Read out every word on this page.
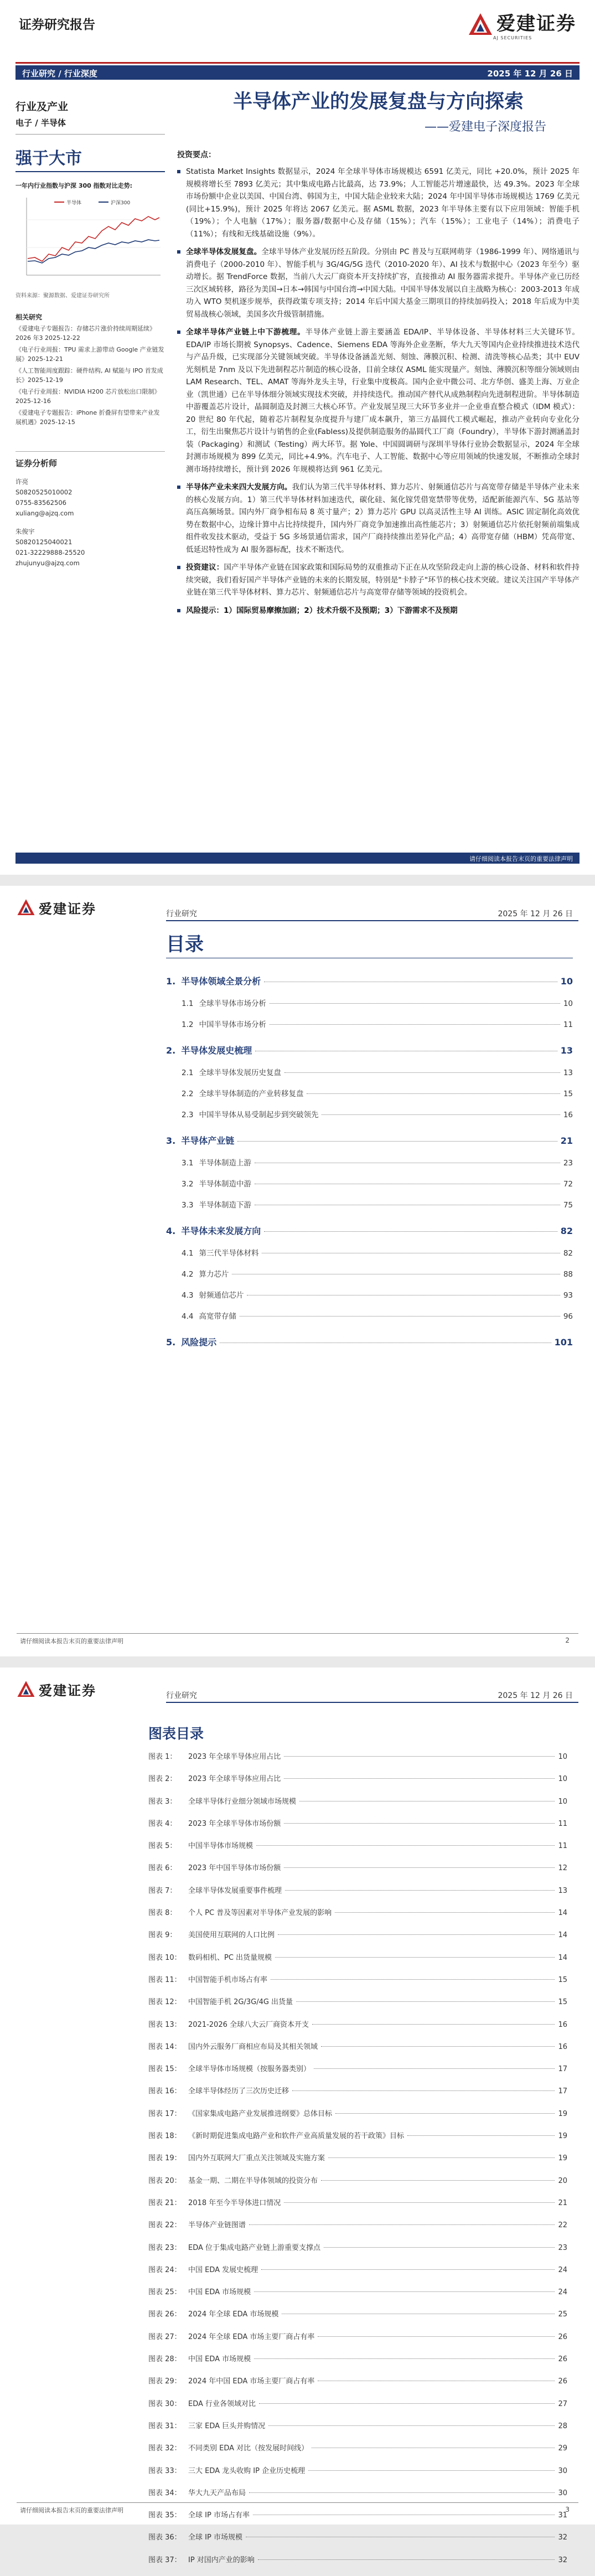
证券研究报告	爱建证券
AJ SECURITIES
行业研究 / 行业深度	2025 年 12 月 26 日
行业及产业
电子 / 半导体
强于大市
一年内行业指数与沪深 300 指数对比走势:
半导体	沪深300
资料来源：聚源数据、爱建证券研究所
相关研究
《爱建电子专题报告：存储芯片涨价持续周期延续》2026 年3 2025-12-22
《电子行业周报：TPU 需求上游带动 Google 产业链发展》2025-12-21
《人工智能周度跟踪：硬件结构, AI 赋能与 IPO 首发成长》2025-12-19
《电子行业周报：NVIDIA H200 芯片放松出口限制》2025-12-16
《爱建电子专题报告：iPhone 折叠屏有望带来产业发展机遇》2025-12-15
证券分析师
许亮
S0820525010002
0755-83562506
xuliang@ajzq.com
朱俊宇
S0820125040021
021-32229888-25520
zhujunyu@ajzq.com
半导体产业的发展复盘与方向探索
——爱建电子深度报告
投资要点：
Statista Market Insights 数据显示，2024 年全球半导体市场规模达 6591 亿美元，同比 +20.0%，预计 2025 年规模将增长至 7893 亿美元；其中集成电路占比最高，达 73.9%；人工智能芯片增速最快，达 49.3%。2023 年全球市场份额中企业以美国、中国台湾、韩国为主，中国大陆企业较来大陆；2024 年中国半导体市场规模达 1769 亿美元(同比+15.9%)，预计 2025 年将达 2067 亿美元。据 ASML 数据，2023 年半导体主要有以下应用领域：智能手机（19%）；个人电脑（17%）；服务器/数据中心及存储（15%）；汽车（15%）；工业电子（14%）；消费电子（11%）；有线和无线基础设施（9%）。
全球半导体发展复盘。全球半导体产业发展历经五阶段。分别由 PC 普及与互联网萌芽（1986-1999 年）、网络通讯与消费电子（2000-2010 年）、智能手机与 3G/4G/5G 迭代（2010-2020 年）、AI 技术与数据中心（2023 年至今）驱动增长。据 TrendForce 数据，当前八大云厂商资本开支持续扩容，直接推动 AI 服务器需求提升。半导体产业已历经三次区域转移，路径为美国→日本→韩国与中国台湾→中国大陆。中国半导体发展以自主战略为核心：2003-2013 年成功入 WTO 契机逐步规举，获得政策专项支持；2014 年后中国大基金三期项目的持续加码投入；2018 年后成为中美贸易战核心领域，美国多次升级管制措施。
全球半导体产业链上中下游梳理。半导体产业链上游主要涵盖 EDA/IP、半导体设备、半导体材料三大关键环节。EDA/IP 市场长期被 Synopsys、Cadence、Siemens EDA 等海外企业垄断，华大九天等国内企业持续推进技术迭代与产品升级，已实现部分关键领域突破。半导体设备涵盖光刻、刻蚀、薄膜沉积、检测、清洗等核心品类；其中 EUV 光刻机是 7nm 及以下先进制程芯片制造的核心设备，目前全球仅 ASML 能实现量产。刻蚀、薄膜沉积等细分领域则由 LAM Research、TEL、AMAT 等海外龙头主导，行业集中度极高。国内企业中微公司、北方华创、盛美上海、万业企业（凯世通）已在半导体细分领域实现技术突破，并持续迭代。推动国产替代从成熟制程向先进制程进阶。半导体制造中游覆盖芯片设计，晶圆制造及封测三大核心环节。产业发展呈现三大环节多业并一企业垂直整合模式（IDM 模式）：20 世纪 80 年代起，随着芯片制程复杂度提升与建厂成本飙升，第三方晶圆代工模式崛起，推动产业转向专业化分工，衍生出聚焦芯片设计与销售的企业(Fabless)及提供制造服务的晶圆代工厂商（Foundry），半导体下游封测涵盖封装（Packaging）和测试（Testing）两大环节。据 Yole、中国圆调研与深圳半导体行业协会数据显示，2024 年全球封测市场规模为 899 亿美元，同比+4.9%。汽车电子、人工智能、数据中心等应用领域的快速发展，不断推动全球封测市场持续增长，预计到 2026 年规模将达到 961 亿美元。
半导体产业未来四大发展方向。我们认为第三代半导体材料、算力芯片、射频通信芯片与高宽带存储是半导体产业未来的核心发展方向。1）第三代半导体材料加速迭代，碳化硅、氮化镓凭借宽禁带等优势，适配新能源汽车、5G 基站等高压高频场景。国内外厂商争相布局 8 英寸量产；2）算力芯片 GPU 以高灵活性主导 AI 训练。ASIC 固定制化高效优势在数据中心，边缘计算中占比持续提升，国内外厂商竞争加速推出高性能芯片；3）射频通信芯片依托射频前端集成组件收发技术驱动，受益于 5G 多场景通信需求，国产厂商持续推出差异化产品；4）高带宽存储（HBM）凭高带宽、低延迟特性成为 AI 服务器标配，技术不断迭代。
投资建议：国产半导体产业链在国家政策和国际局势的双重推动下正在从攻坚阶段走向上游的核心设备、材料和软件持续突破，我们看好国产半导体产业链的未来的长期发展，特别是"卡脖子"环节的核心技术突破。建议关注国产半导体产业链在第三代半导体材料、算力芯片、射频通信芯片与高宽带存储等领域的投资机会。
风险提示：1）国际贸易摩擦加剧；2）技术升级不及预期；3）下游需求不及预期
请仔细阅读本报告末页的重要法律声明
爱建证券	行业研究	2025 年 12 月 26 日
目录
1. 半导体领域全景分析	10
1.1 全球半导体市场分析	10
1.2 中国半导体市场分析	11
2. 半导体发展史梳理	13
2.1 全球半导体发展历史复盘	13
2.2 全球半导体制造的产业转移复盘	15
2.3 中国半导体从易受制起步到突破领先	16
3. 半导体产业链	21
3.1 半导体制造上游	23
3.2 半导体制造中游	72
3.3 半导体制造下游	75
4. 半导体未来发展方向	82
4.1 第三代半导体材料	82
4.2 算力芯片	88
4.3 射频通信芯片	93
4.4 高宽带存储	96
5. 风险提示	101
请仔细阅读本报告末页的重要法律声明	2
爱建证券	行业研究	2025 年 12 月 26 日
图表目录
图表 1：	2023 年全球半导体应用占比	10
图表 2：	2023 年全球半导体应用占比	10
图表 3：	全球半导体行业细分领域市场规模	10
图表 4：	2023 年全球半导体市场份额	11
图表 5：	中国半导体市场规模	11
图表 6：	2023 年中国半导体市场份额	12
图表 7：	全球半导体发展重要事件梳理	13
图表 8：	个人 PC 普及等因素对半导体产业发展的影响	14
图表 9：	美国使用互联网的人口比例	14
图表 10： 数码相机、PC 出货量规模	14
图表 11： 中国智能手机市场占有率	15
图表 12： 中国智能手机 2G/3G/4G 出货量	15
图表 13： 2021-2026 全球八大云厂商资本开支	16
图表 14： 国内外云服务厂商相应布局及其相关领域	16
图表 15： 全球半导体市场规模（按服务器类别）	17
图表 16： 全球半导体经历了三次历史迁移	17
图表 17： 《国家集成电路产业发展推进纲要》总体目标	19
图表 18： 《新时期促进集成电路产业和软件产业高质量发展的若干政策》目标	19
图表 19： 国内外互联网大厂重点关注领域及实施方案	19
图表 20： 基金一期、二期在半导体领域的投资分布	20
图表 21： 2018 年至今半导体进口情况	21
图表 22： 半导体产业链图谱	22
图表 23： EDA 位于集成电路产业链上游重要支撑点	23
图表 24： 中国 EDA 发展史梳理	24
图表 25： 中国 EDA 市场规模	24
图表 26： 2024 年全球 EDA 市场规模	25
图表 27： 2024 年全球 EDA 市场主要厂商占有率	26
图表 28： 中国 EDA 市场规模	26
图表 29： 2024 年中国 EDA 市场主要厂商占有率	26
图表 30： EDA 行业各领域对比	27
图表 31： 三家 EDA 巨头并购情况	28
图表 32： 不同类别 EDA 对比（按发展时间线）	29
图表 33： 三大 EDA 龙头收购 IP 企业历史梳理	30
图表 34： 华大九天产品布局	30
图表 35： 全球 IP 市场占有率	31
图表 36： 全球 IP 市场规模	32
图表 37： IP 对国内产业的影响	32
请仔细阅读本报告末页的重要法律声明	3
